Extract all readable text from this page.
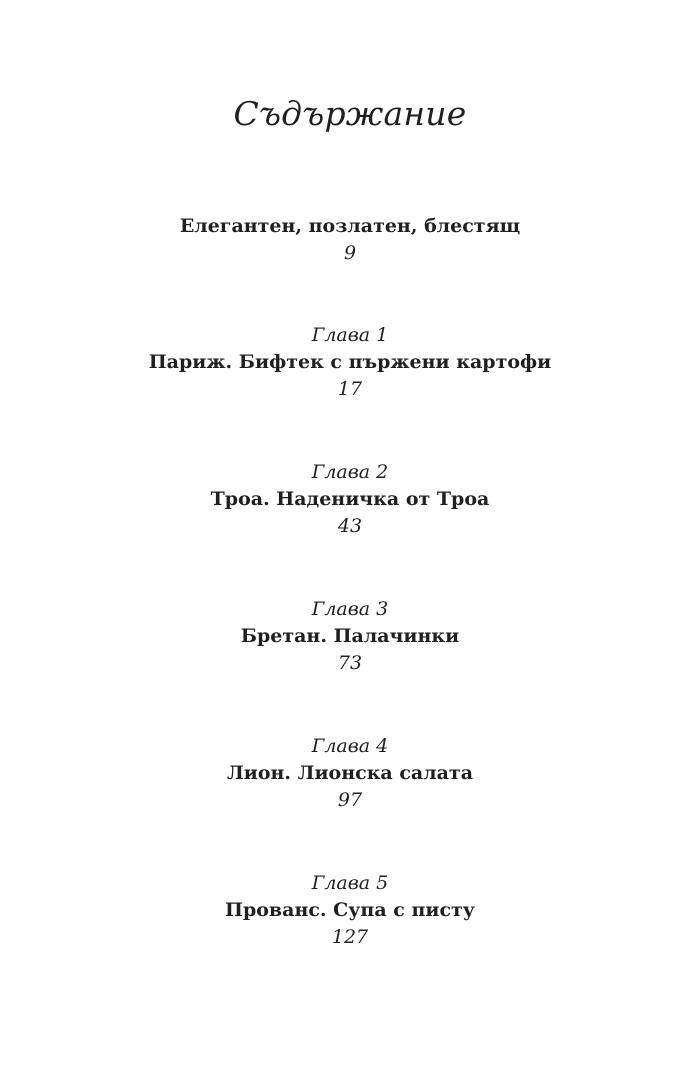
Съдържание
Елегантен, позлатен, блестящ
9
Глава 1
Париж. Бифтек с пържени картофи
17
Глава 2
Троа. Наденичка от Троа
43
Глава 3
Бретан. Палачинки
73
Глава 4
Лион. Лионска салата
97
Глава 5
Прованс. Супа с писту
127
